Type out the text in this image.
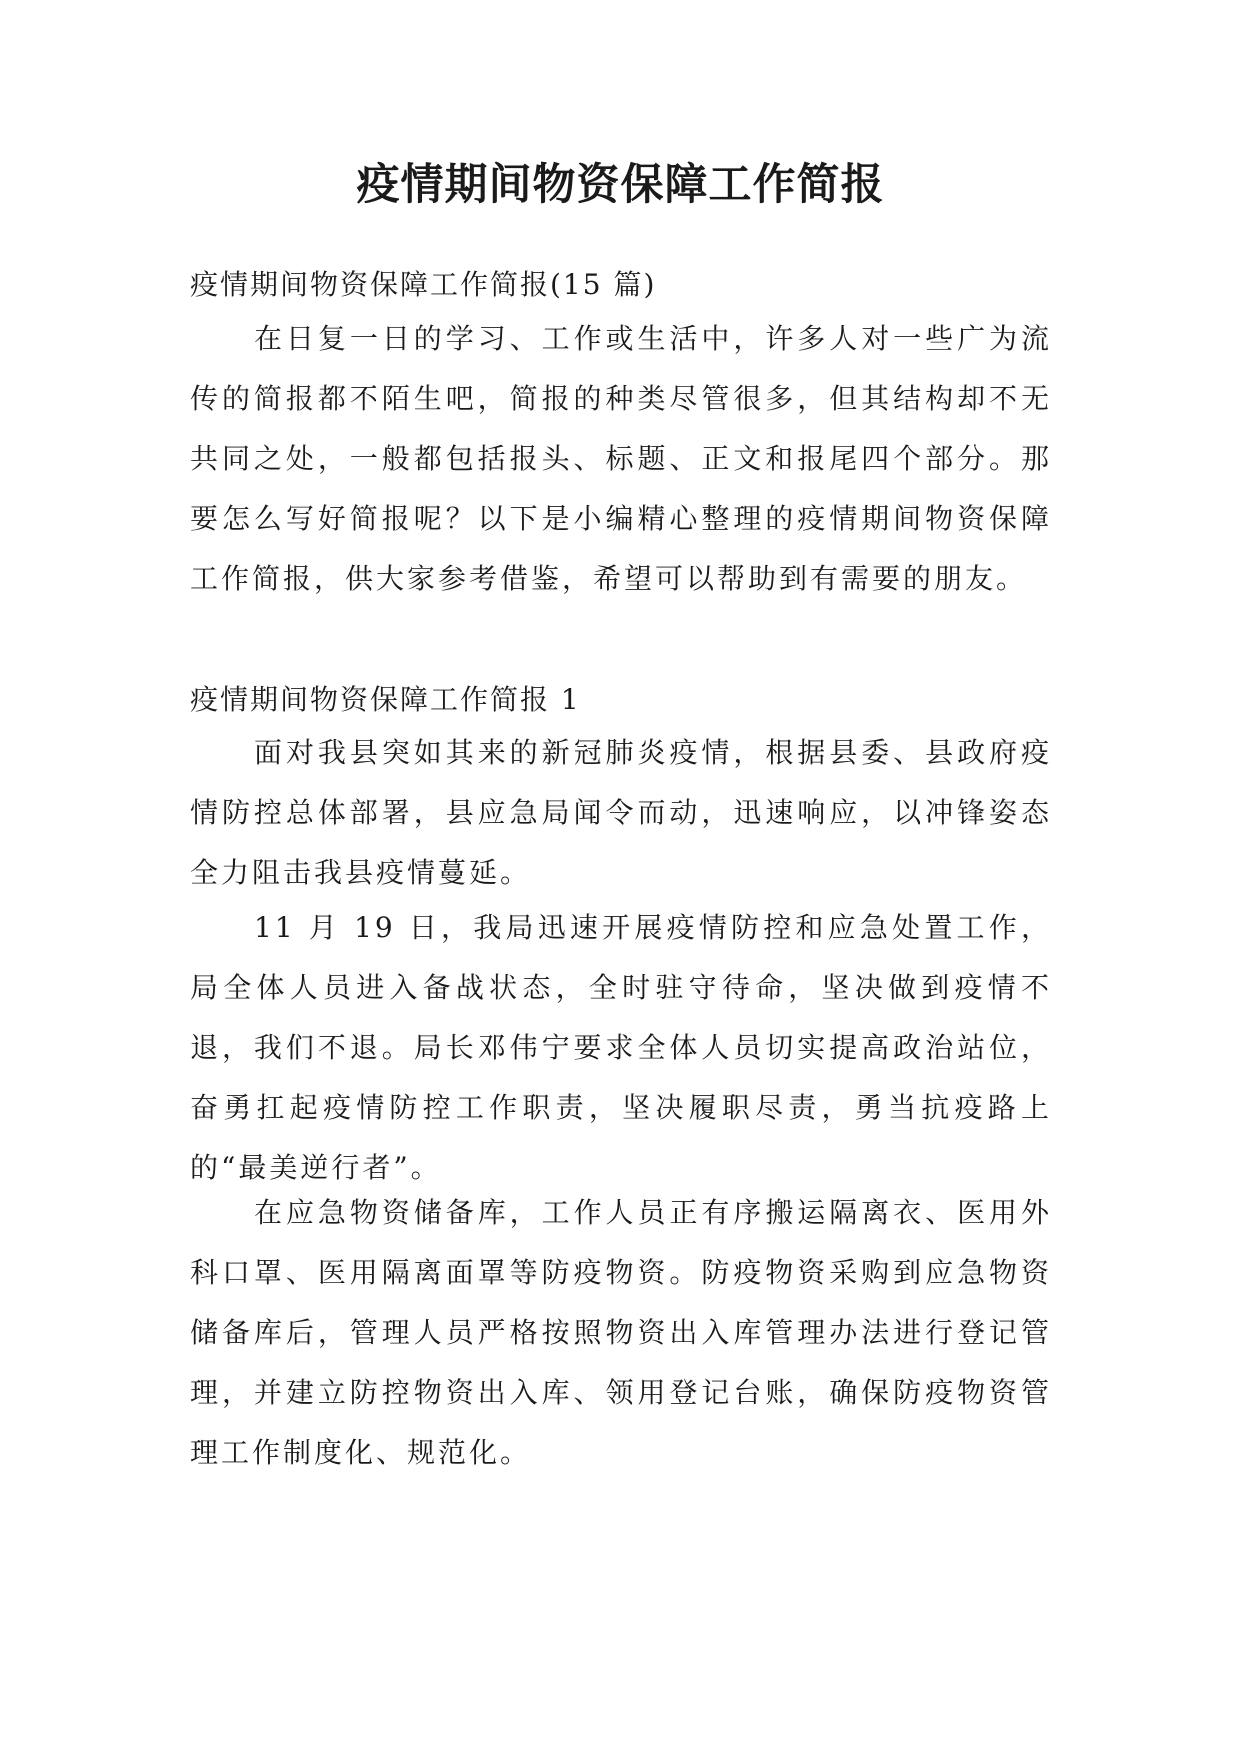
疫情期间物资保障工作简报

疫情期间物资保障工作简报(15 篇)

在日复一日的学习、工作或生活中，许多人对一些广为流传的简报都不陌生吧，简报的种类尽管很多，但其结构却不无共同之处，一般都包括报头、标题、正文和报尾四个部分。那要怎么写好简报呢？以下是小编精心整理的疫情期间物资保障工作简报，供大家参考借鉴，希望可以帮助到有需要的朋友。

疫情期间物资保障工作简报 1

面对我县突如其来的新冠肺炎疫情，根据县委、县政府疫情防控总体部署，县应急局闻令而动，迅速响应，以冲锋姿态全力阻击我县疫情蔓延。

11 月 19 日，我局迅速开展疫情防控和应急处置工作，局全体人员进入备战状态，全时驻守待命，坚决做到疫情不退，我们不退。局长邓伟宁要求全体人员切实提高政治站位，奋勇扛起疫情防控工作职责，坚决履职尽责，勇当抗疫路上的“最美逆行者”。

在应急物资储备库，工作人员正有序搬运隔离衣、医用外科口罩、医用隔离面罩等防疫物资。防疫物资采购到应急物资储备库后，管理人员严格按照物资出入库管理办法进行登记管理，并建立防控物资出入库、领用登记台账，确保防疫物资管理工作制度化、规范化。
